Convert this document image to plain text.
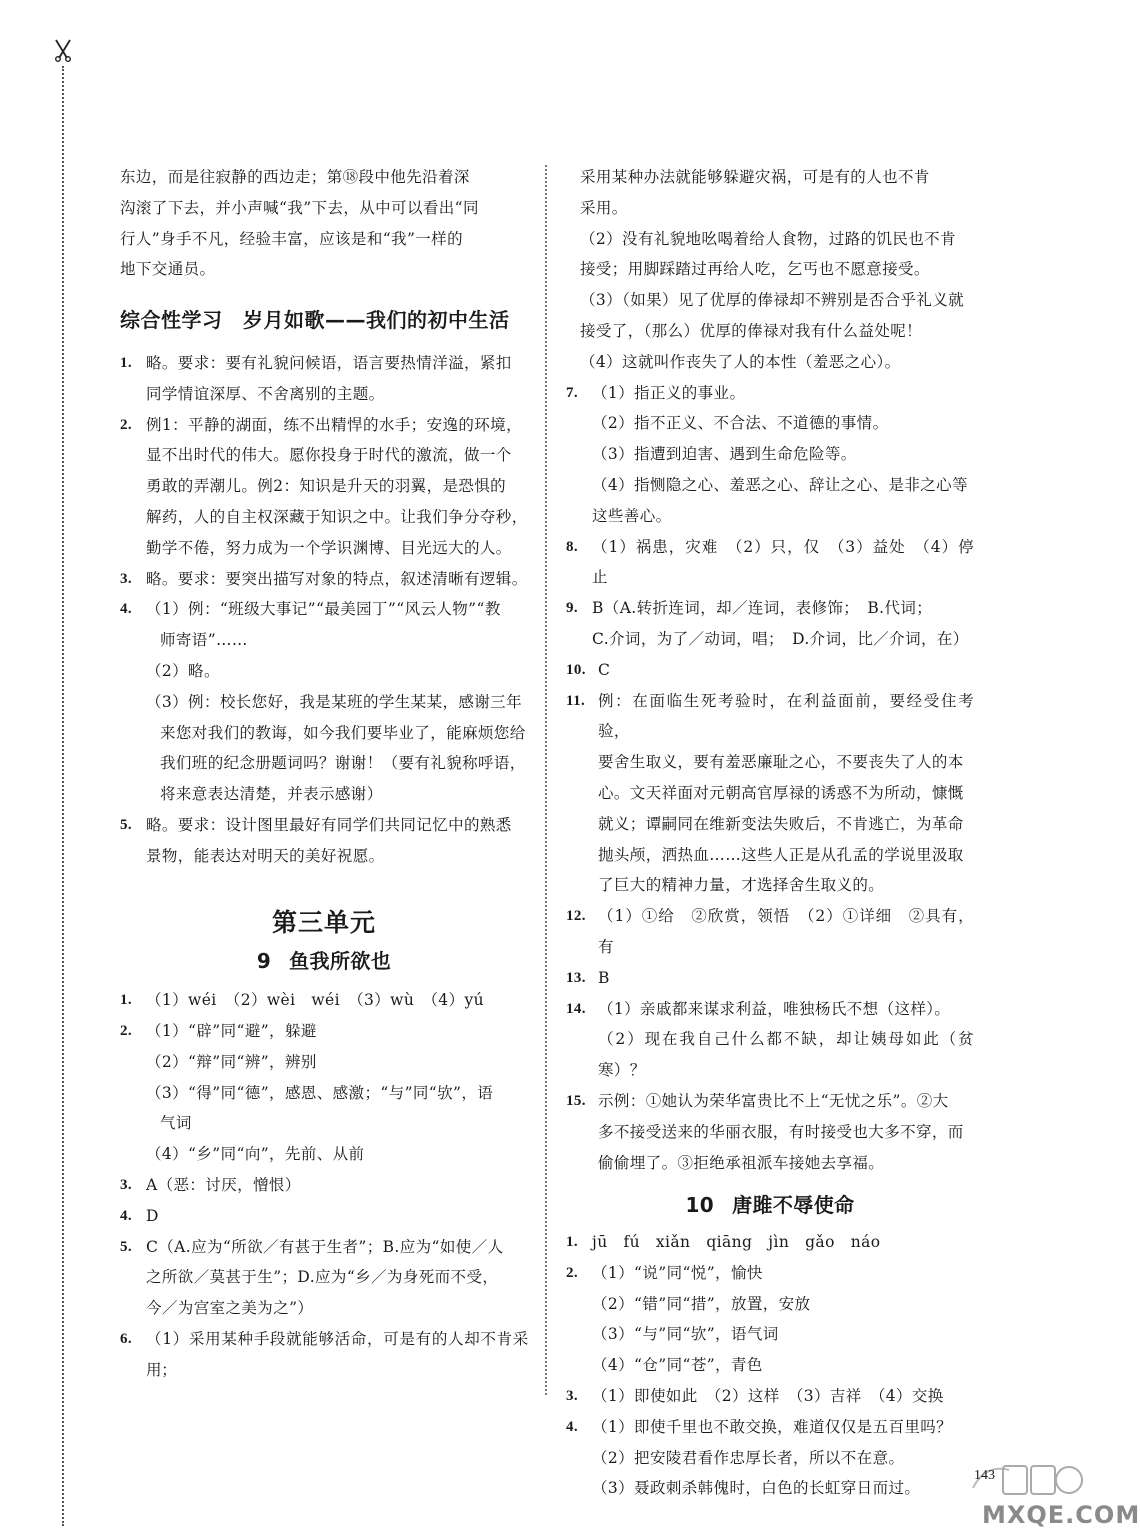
东边，而是往寂静的西边走；第⑱段中他先沿着深
沟滚了下去，并小声喊“我”下去，从中可以看出“同
行人”身手不凡，经验丰富，应该是和“我”一样的
地下交通员。
综合性学习　岁月如歌——我们的初中生活
1. 略。要求：要有礼貌问候语，语言要热情洋溢，紧扣
同学情谊深厚、不舍离别的主题。
2. 例1：平静的湖面，练不出精悍的水手；安逸的环境，
显不出时代的伟大。愿你投身于时代的激流，做一个
勇敢的弄潮儿。例2：知识是升天的羽翼，是恐惧的
解药，人的自主权深藏于知识之中。让我们争分夺秒，
勤学不倦，努力成为一个学识渊博、目光远大的人。
3. 略。要求：要突出描写对象的特点，叙述清晰有逻辑。
4. （1）例：“班级大事记”“最美园丁”“风云人物”“教
师寄语”……
（2）略。
（3）例：校长您好，我是某班的学生某某，感谢三年
来您对我们的教诲，如今我们要毕业了，能麻烦您给
我们班的纪念册题词吗？谢谢！（要有礼貌称呼语，
将来意表达清楚，并表示感谢）
5. 略。要求：设计图里最好有同学们共同记忆中的熟悉
景物，能表达对明天的美好祝愿。
第三单元
9 鱼我所欲也
1. （1）wéi　（2）wèi　wéi　（3）wù　（4）yú
2. （1）“辟”同“避”，躲避
（2）“辩”同“辨”，辨别
（3）“得”同“德”，感恩、感激；“与”同“欤”，语
气词
（4）“乡”同“向”，先前、从前
3. A（恶：讨厌，憎恨）
4. D
5. C（A.应为“所欲／有甚于生者”；B.应为“如使／人
之所欲／莫甚于生”；D.应为“乡／为身死而不受，
今／为宫室之美为之”）
6. （1）采用某种手段就能够活命，可是有的人却不肯采用；
采用某种办法就能够躲避灾祸，可是有的人也不肯
采用。
（2）没有礼貌地吆喝着给人食物，过路的饥民也不肯
接受；用脚踩踏过再给人吃，乞丐也不愿意接受。
（3）（如果）见了优厚的俸禄却不辨别是否合乎礼义就
接受了，（那么）优厚的俸禄对我有什么益处呢！
（4）这就叫作丧失了人的本性（羞恶之心）。
7. （1）指正义的事业。
（2）指不正义、不合法、不道德的事情。
（3）指遭到迫害、遇到生命危险等。
（4）指恻隐之心、羞恶之心、辞让之心、是非之心等
这些善心。
8. （1）祸患，灾难　（2）只，仅　（3）益处　（4）停止
9. B（A.转折连词，却／连词，表修饰；　B.代词；
C.介词，为了／动词，唱；　D.介词，比／介词，在）
10. C
11. 例：在面临生死考验时，在利益面前，要经受住考验，
要舍生取义，要有羞恶廉耻之心，不要丧失了人的本
心。文天祥面对元朝高官厚禄的诱惑不为所动，慷慨
就义；谭嗣同在维新变法失败后，不肯逃亡，为革命
抛头颅，洒热血……这些人正是从孔孟的学说里汲取
了巨大的精神力量，才选择舍生取义的。
12. （1）①给　②欣赏，领悟　（2）①详细　②具有，有
13. B
14. （1）亲戚都来谋求利益，唯独杨氏不想（这样）。
（2）现在我自己什么都不缺，却让姨母如此（贫寒）？
15. 示例：①她认为荣华富贵比不上“无忧之乐”。②大
多不接受送来的华丽衣服，有时接受也大多不穿，而
偷偷埋了。③拒绝承祖派车接她去享福。
10 唐雎不辱使命
1. jū　fú　xiǎn　qiāng　jìn　gǎo　náo
2. （1）“说”同“悦”，愉快
（2）“错”同“措”，放置，安放
（3）“与”同“欤”，语气词
（4）“仓”同“苍”，青色
3. （1）即使如此　（2）这样　（3）吉祥　（4）交换
4. （1）即使千里也不敢交换，难道仅仅是五百里吗？
（2）把安陵君看作忠厚长者，所以不在意。
（3）聂政刺杀韩傀时，白色的长虹穿日而过。
143
MXQE.COM
